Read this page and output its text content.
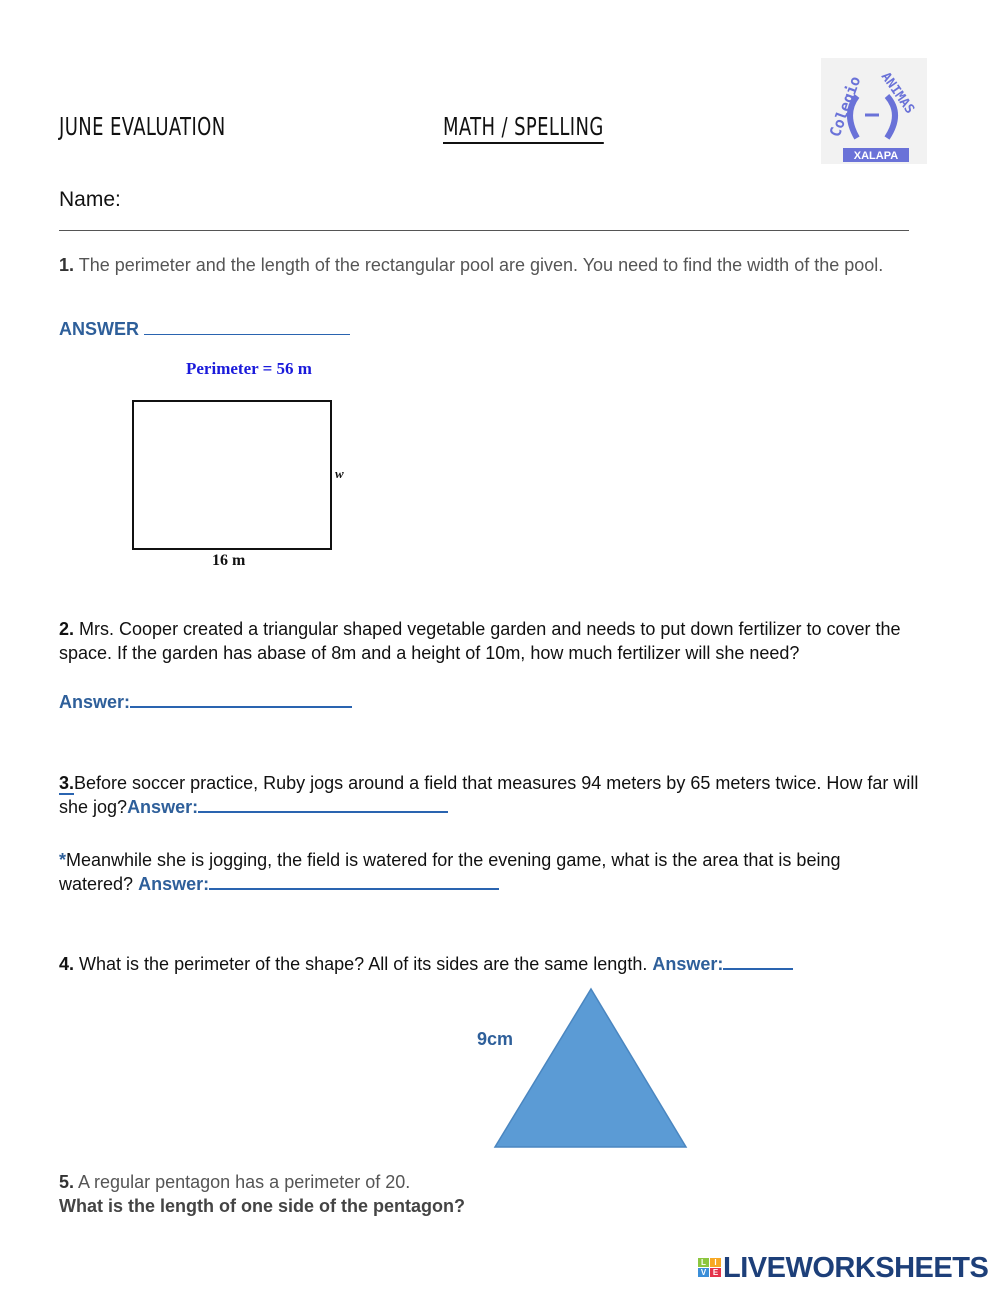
JUNE EVALUATION	MATH / SPELLING	Colegio ANIMAS
XALAPA
Name:
1. The perimeter and the length of the rectangular pool are given. You need to find the width of the pool.
ANSWER
Perimeter = 56 m
w
16 m
2. Mrs. Cooper created a triangular shaped vegetable garden and needs to put down fertilizer to cover the space. If the garden has abase of 8m and a height of 10m, how much fertilizer will she need?
Answer:
3.Before soccer practice, Ruby jogs around a field that measures 94 meters by 65 meters twice. How far will she jog?Answer:
*Meanwhile she is jogging, the field is watered for the evening game, what is the area that is being watered? Answer:
4. What is the perimeter of the shape? All of its sides are the same length. Answer:
9cm
5. A regular pentagon has a perimeter of 20.
What is the length of one side of the pentagon?
L	I
V E LIVEWORKSHEETS
